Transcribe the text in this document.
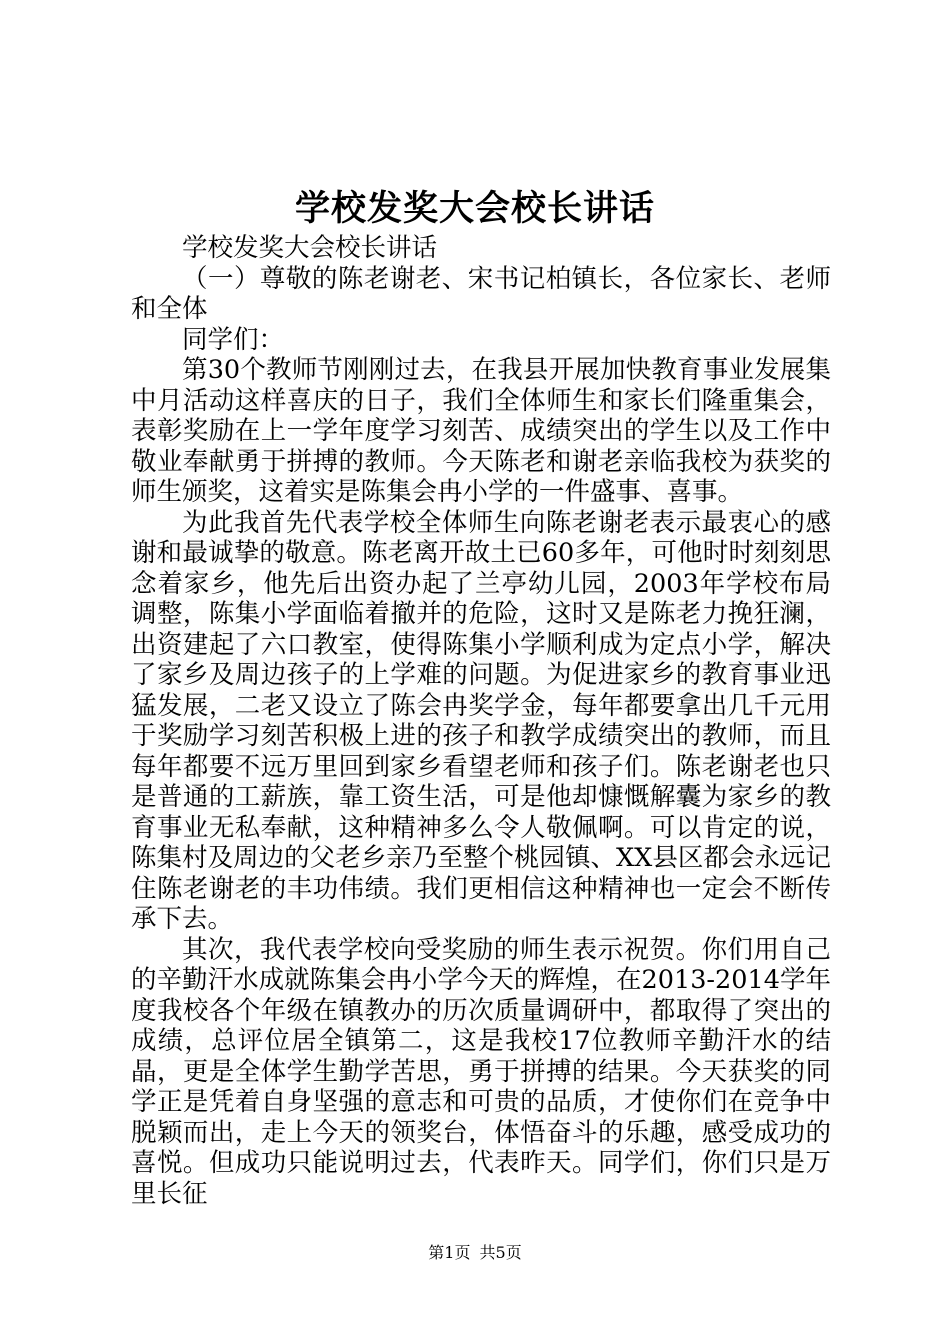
学校发奖大会校长讲话

学校发奖大会校长讲话

（一）尊敬的陈老谢老、宋书记柏镇长，各位家长、老师和全体

同学们：

第30个教师节刚刚过去，在我县开展加快教育事业发展集中月活动这样喜庆的日子，我们全体师生和家长们隆重集会，表彰奖励在上一学年度学习刻苦、成绩突出的学生以及工作中敬业奉献勇于拼搏的教师。今天陈老和谢老亲临我校为获奖的师生颁奖，这着实是陈集会冉小学的一件盛事、喜事。

为此我首先代表学校全体师生向陈老谢老表示最衷心的感谢和最诚挚的敬意。陈老离开故土已60多年，可他时时刻刻思念着家乡，他先后出资办起了兰亭幼儿园，2003年学校布局调整，陈集小学面临着撤并的危险，这时又是陈老力挽狂澜，出资建起了六口教室，使得陈集小学顺利成为定点小学，解决了家乡及周边孩子的上学难的问题。为促进家乡的教育事业迅猛发展，二老又设立了陈会冉奖学金，每年都要拿出几千元用于奖励学习刻苦积极上进的孩子和教学成绩突出的教师，而且每年都要不远万里回到家乡看望老师和孩子们。陈老谢老也只是普通的工薪族，靠工资生活，可是他却慷慨解囊为家乡的教育事业无私奉献，这种精神多么令人敬佩啊。可以肯定的说，陈集村及周边的父老乡亲乃至整个桃园镇、XX县区都会永远记住陈老谢老的丰功伟绩。我们更相信这种精神也一定会不断传承下去。

其次，我代表学校向受奖励的师生表示祝贺。你们用自己的辛勤汗水成就陈集会冉小学今天的辉煌，在2013-2014学年度我校各个年级在镇教办的历次质量调研中，都取得了突出的成绩，总评位居全镇第二，这是我校17位教师辛勤汗水的结晶，更是全体学生勤学苦思，勇于拼搏的结果。今天获奖的同学正是凭着自身坚强的意志和可贵的品质，才使你们在竞争中脱颖而出，走上今天的领奖台，体悟奋斗的乐趣，感受成功的喜悦。但成功只能说明过去，代表昨天。同学们，你们只是万里长征

第1页 共5页
